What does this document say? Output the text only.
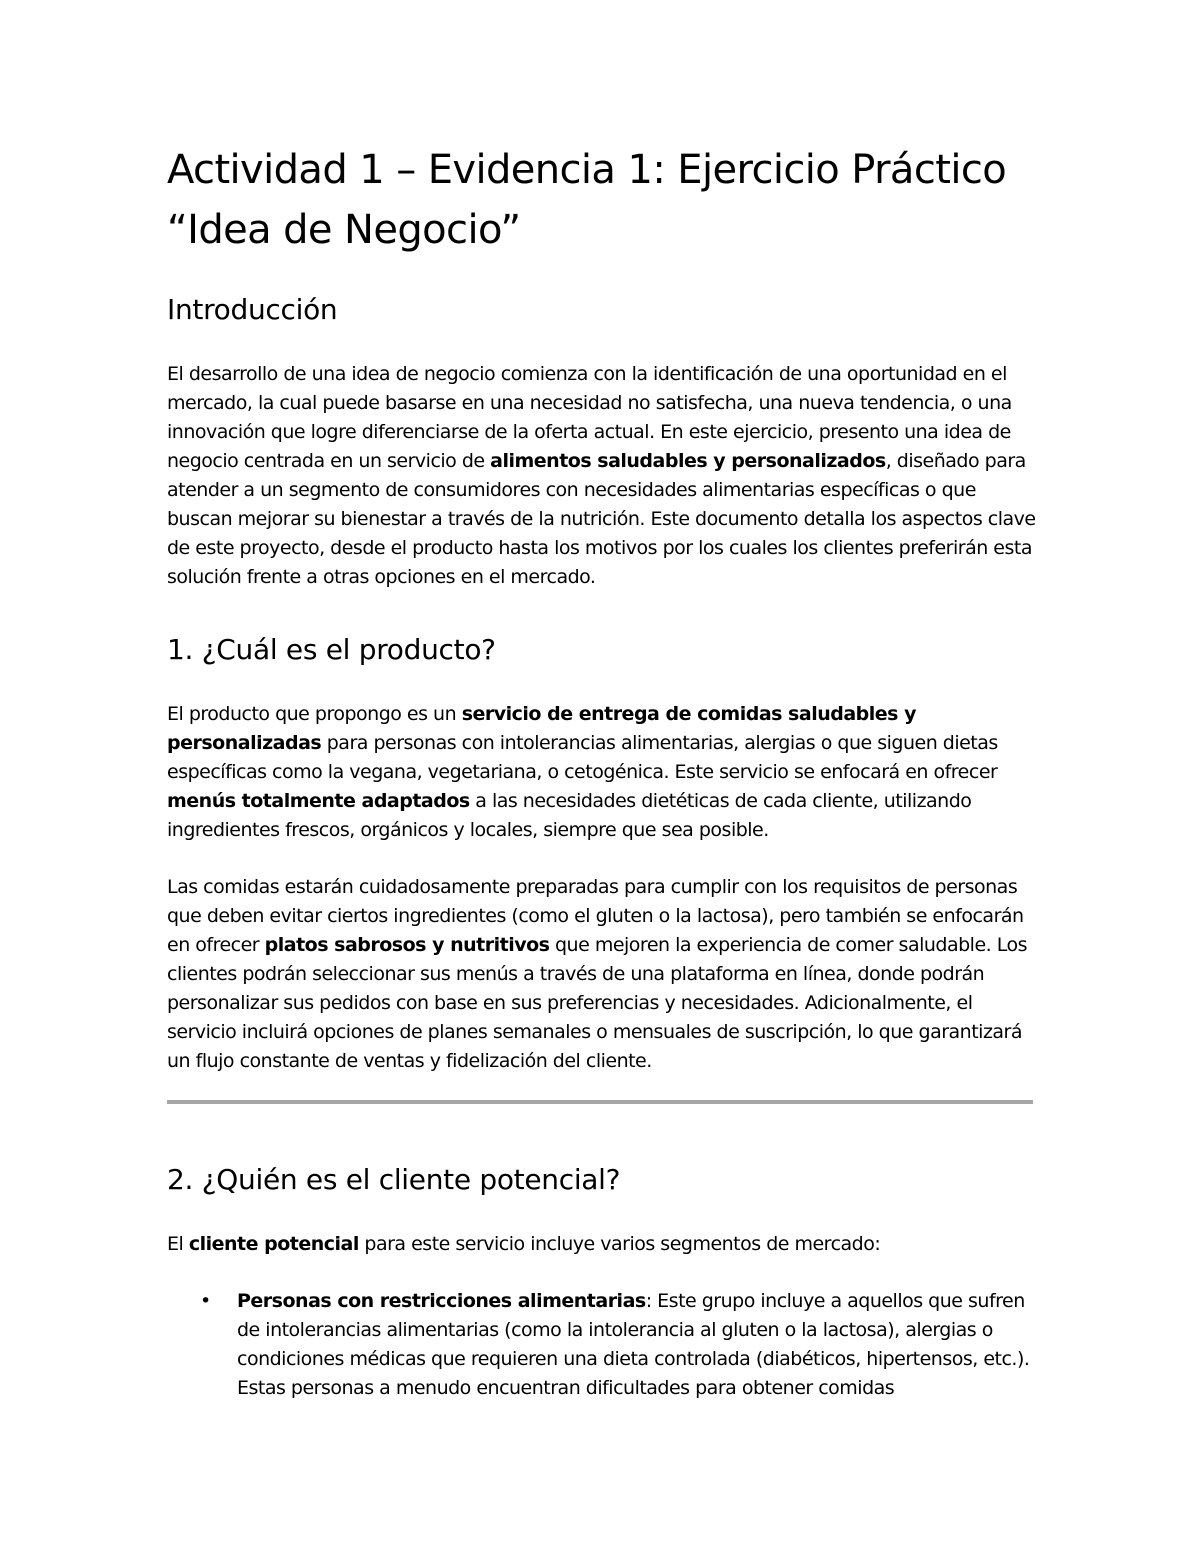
Actividad 1 – Evidencia 1: Ejercicio Práctico
“Idea de Negocio”
Introducción

El desarrollo de una idea de negocio comienza con la identificación de una oportunidad en el mercado, la cual puede basarse en una necesidad no satisfecha, una nueva tendencia, o una innovación que logre diferenciarse de la oferta actual. En este ejercicio, presento una idea de negocio centrada en un servicio de alimentos saludables y personalizados, diseñado para atender a un segmento de consumidores con necesidades alimentarias específicas o que buscan mejorar su bienestar a través de la nutrición. Este documento detalla los aspectos clave de este proyecto, desde el producto hasta los motivos por los cuales los clientes preferirán esta solución frente a otras opciones en el mercado.

1. ¿Cuál es el producto?

El producto que propongo es un servicio de entrega de comidas saludables y personalizadas para personas con intolerancias alimentarias, alergias o que siguen dietas específicas como la vegana, vegetariana, o cetogénica. Este servicio se enfocará en ofrecer menús totalmente adaptados a las necesidades dietéticas de cada cliente, utilizando ingredientes frescos, orgánicos y locales, siempre que sea posible.

Las comidas estarán cuidadosamente preparadas para cumplir con los requisitos de personas que deben evitar ciertos ingredientes (como el gluten o la lactosa), pero también se enfocarán en ofrecer platos sabrosos y nutritivos que mejoren la experiencia de comer saludable. Los clientes podrán seleccionar sus menús a través de una plataforma en línea, donde podrán personalizar sus pedidos con base en sus preferencias y necesidades. Adicionalmente, el servicio incluirá opciones de planes semanales o mensuales de suscripción, lo que garantizará un flujo constante de ventas y fidelización del cliente.

2. ¿Quién es el cliente potencial?

El cliente potencial para este servicio incluye varios segmentos de mercado:

• Personas con restricciones alimentarias: Este grupo incluye a aquellos que sufren de intolerancias alimentarias (como la intolerancia al gluten o la lactosa), alergias o condiciones médicas que requieren una dieta controlada (diabéticos, hipertensos, etc.). Estas personas a menudo encuentran dificultades para obtener comidas
